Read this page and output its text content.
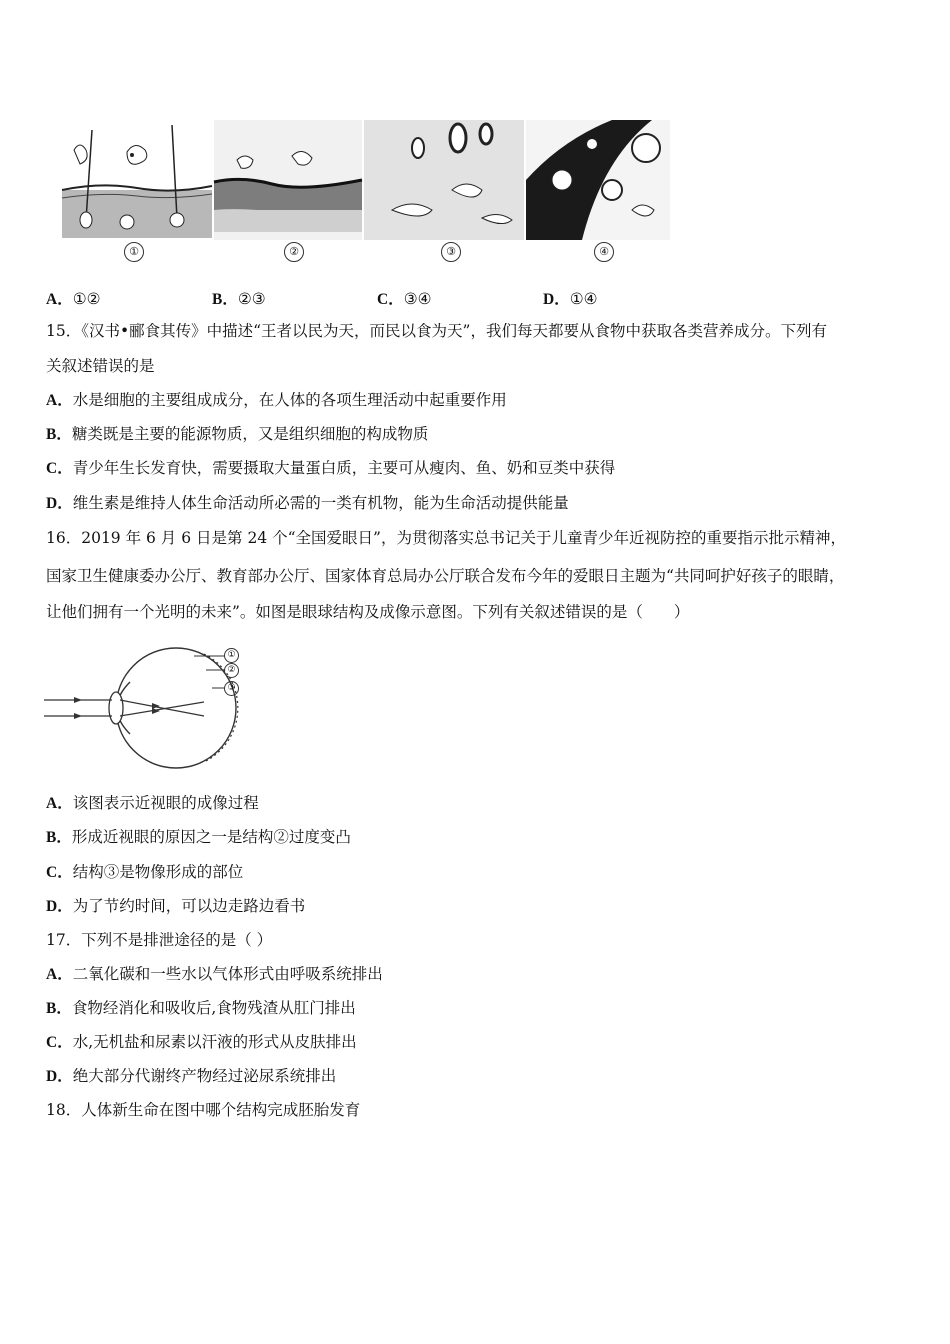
①	②	③	④
A．①②	B．②③	C．③④	D．①④
15．《汉书•郦食其传》中描述“王者以民为天，而民以食为天”，我们每天都要从食物中获取各类营养成分。下列有
关叙述错误的是
A．水是细胞的主要组成成分，在人体的各项生理活动中起重要作用
B．糖类既是主要的能源物质，又是组织细胞的构成物质
C．青少年生长发育快，需要摄取大量蛋白质，主要可从瘦肉、鱼、奶和豆类中获得
D．维生素是维持人体生命活动所必需的一类有机物，能为生命活动提供能量
16．2019 年 6 月 6 日是第 24 个“全国爱眼日”，为贯彻落实总书记关于儿童青少年近视防控的重要指示批示精神，
国家卫生健康委办公厅、教育部办公厅、国家体育总局办公厅联合发布今年的爱眼日主题为“共同呵护好孩子的眼睛，
让他们拥有一个光明的未来”。如图是眼球结构及成像示意图。下列有关叙述错误的是（　　）
①
②
③
A．该图表示近视眼的成像过程
B．形成近视眼的原因之一是结构②过度变凸
C．结构③是物像形成的部位
D．为了节约时间，可以边走路边看书
17．下列不是排泄途径的是（ ）
A．二氧化碳和一些水以气体形式由呼吸系统排出
B．食物经消化和吸收后,食物残渣从肛门排出
C．水,无机盐和尿素以汗液的形式从皮肤排出
D．绝大部分代谢终产物经过泌尿系统排出
18．人体新生命在图中哪个结构完成胚胎发育
